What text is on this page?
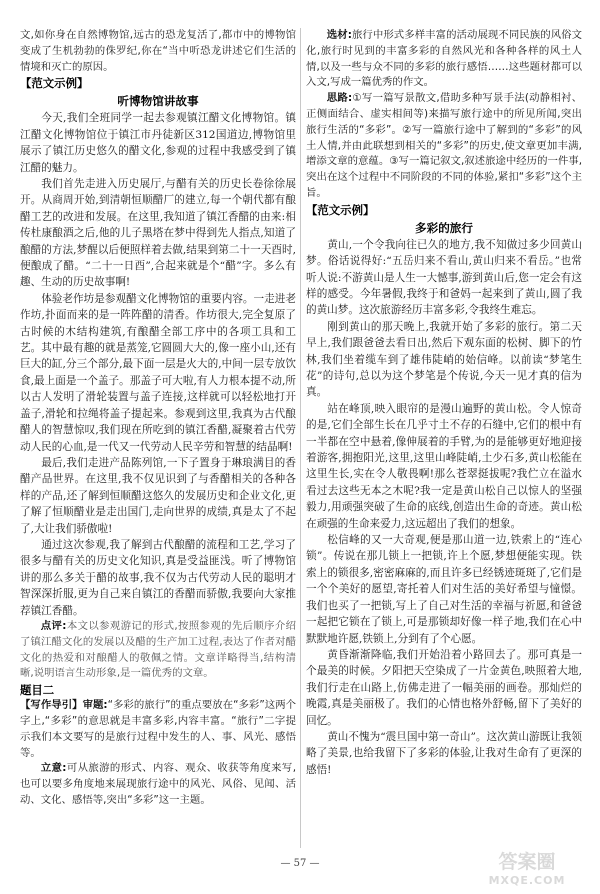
文,如你身在自然博物馆,远古的恐龙复活了,都市中的博物馆变成了生机勃勃的侏罗纪,你在“当中听恐龙讲述它们生活的情境和灭亡的原因。

【范文示例】
听博物馆讲故事

今天,我们全班同学一起去参观镇江醋文化博物馆。镇江醋文化博物馆位于镇江市丹徒新区312国道边,博物馆里展示了镇江历史悠久的醋文化,参观的过程中我感受到了镇江醋的魅力。

我们首先走进入历史展厅,与醋有关的历史长卷徐徐展开。从商周开始,到清朝恒顺醋厂的建立,每一个朝代都有酿醋工艺的改进和发展。在这里,我知道了镇江香醋的由来:相传杜康酿酒之后,他的儿子黑塔在梦中得到先人指点,知道了酿醋的方法,梦醒以后便照样着去做,结果到第二十一天酉时,便酿成了醋。“二十一日酉”,合起来就是个“醋”字。多么有趣、生动的历史故事啊!

体验老作坊是参观醋文化博物馆的重要内容。一走进老作坊,扑面而来的是一阵阵醋的清香。作坊很大,完全复原了古时候的木结构建筑,有酿醋全部工序中的各项工具和工艺。其中最有趣的就是蒸笼,它圆圆大大的,像一座小山,还有巨大的缸,分三个部分,最下面一层是火大的,中间一层专放饮食,最上面是一个盖子。那盖子可大啦,有人力根本提不动,所以古人发明了滑轮装置与盖子连接,这样就可以轻松地打开盖子,滑轮和拉绳将盖子提起来。参观到这里,我真为古代酿醋人的智慧惊叹,我们现在所吃到的镇江香醋,凝聚着古代劳动人民的心血,是一代又一代劳动人民辛劳和智慧的结晶啊!

最后,我们走进产品陈列馆,一下子置身于琳琅满目的香醋产品世界。在这里,我不仅见识到了与香醋相关的各种各样的产品,还了解到恒顺醋这悠久的发展历史和企业文化,更了解了恒顺醋业是走出国门,走向世界的成绩,真是太了不起了,大让我们骄傲啦!

通过这次参观,我了解到古代酿醋的流程和工艺,学习了很多与醋有关的历史文化知识,真是受益匪浅。听了博物馆讲的那么多关于醋的故事,我不仅为古代劳动人民的聪明才智深深折服,更为自己来自镇江的香醋而骄傲,我要向大家推荐镇江香醋。

点评:本文以参观游记的形式,按照参观的先后顺序介绍了镇江醋文化的发展以及醋的生产加工过程,表达了作者对醋文化的热爱和对酿醋人的敬佩之情。文章详略得当,结构清晰,说明语言生动形象,是一篇优秀的文章。

题目二

【写作导引】审题:“多彩的旅行”的重点要放在“多彩”这两个字上,“多彩”的意思就是丰富多彩,内容丰富。“旅行”二字提示我们本文要写的是旅行过程中发生的人、事、风光、感悟等。

立意:可从旅游的形式、内容、观众、收获等角度来写,也可以要多角度地来展现旅行途中的风光、风俗、见闻、活动、文化、感悟等,突出“多彩”这一主题。

选材:旅行中形式多样丰富的活动展现不同民族的风俗文化,旅行时见到的丰富多彩的自然风光和各种各样的风土人情,以及一些与众不同的多彩的旅行感悟……这些题材都可以入文,写成一篇优秀的作文。

思路:①写一篇写景散文,借助多种写景手法(动静相衬、正侧面结合、虚实相间等)来描写旅行途中的所见所闻,突出旅行生活的“多彩”。②写一篇旅行途中了解到的“多彩”的风土人情,并由此联想到相关的“多彩”的历史,使文章更加丰满,增添文章的意蕴。③写一篇记叙文,叙述旅途中经历的一件事,突出在这个过程中不同阶段的不同的体验,紧扣“多彩”这个主旨。

【范文示例】
多彩的旅行

黄山,一个令我向往已久的地方,我不知做过多少回黄山梦。俗话说得好:“五岳归来不看山,黄山归来不看岳。”也常听人说:不游黄山是人生一大憾事,游到黄山后,您一定会有这样的感受。今年暑假,我终于和爸妈一起来到了黄山,圆了我的黄山梦。这次旅游经历丰富多彩,令我终生难忘。

刚到黄山的那天晚上,我就开始了多彩的旅行。第二天早上,我们跟爸爸去看日出,然后下观东面的松树、脚下的竹林,我们坐着缆车到了雄伟陡峭的始信峰。以前读“梦笔生花”的诗句,总以为这个梦笔是个传说,今天一见才真的信为真。

站在峰顶,映入眼帘的是漫山遍野的黄山松。令人惊奇的是,它们全部生长在几乎寸土不存的石缝中,它们的根中有一半都在空中悬着,像伸展着的手臂,为的是能够更好地迎接着游客,拥抱阳光,这里,这里山峰陡峭,土少石多,黄山松能在这里生长,实在令人敬畏啊!那么苍翠挺拔呢?我伫立在溢水看过去这些无本之木呢?我一定是黄山松自己以惊人的坚强毅力,用顽强突破了生命的底线,创造出生命的奇迹。黄山松在顽强的生命来爱力,这远超出了我们的想象。

松信峰的又一大奇观,便是那山道一边,铁索上的“连心锁”。传说在那儿锁上一把锁,许上个愿,梦想便能实现。铁索上的锁很多,密密麻麻的,而且许多已经锈迹斑斑了,它们是一个个美好的愿望,寄托着人们对生活的美好希望与憧憬。我们也买了一把锁,写上了自己对生活的幸福与祈愿,和爸爸一起把它锁在了锁上,可是那锁却好像一样子地,我们在心中默默地许愿,铁锁上,分到有了个心愿。

黄昏渐渐降临,我们开始沿着小路回去了。那可真是一个最美的时候。夕阳把天空染成了一片金黄色,映照着大地,我们行走在山路上,仿佛走进了一幅美丽的画卷。那灿烂的晚霞,真是美丽极了。我们的心情也格外舒畅,留下了美好的回忆。

黄山不愧为“震旦国中第一奇山”。这次黄山游既让我领略了美景,也给我留下了多彩的体验,让我对生命有了更深的感悟!

— 57 —	答案圈
MXQE.COM
